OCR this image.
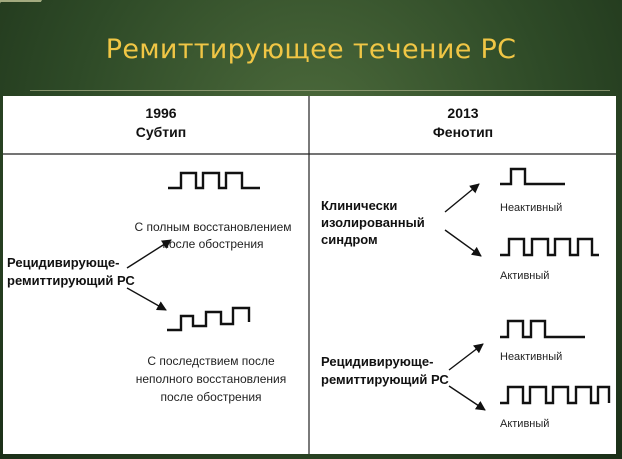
Ремиттирующее течение РС
1996
Субтип
2013
Фенотип
Рецидивирующе-
ремиттирующий РС
С полным восстановлением
после обострения
С последствием после
неполного восстановления
после обострения
Клинически
изолированный
синдром
Неактивный
Активный
Рецидивирующе-
ремиттирующий РС
Неактивный
Активный
